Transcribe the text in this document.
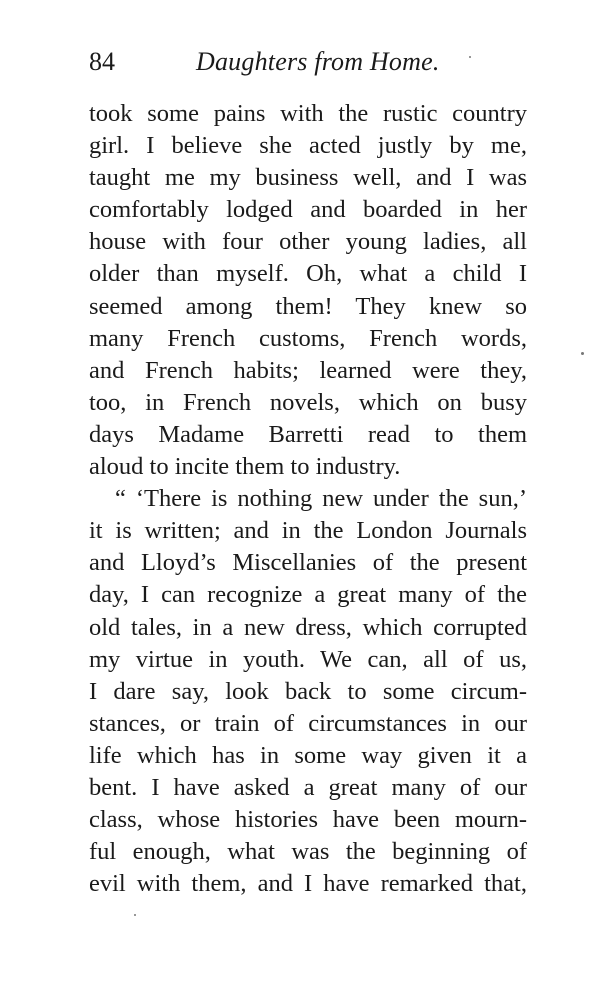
84	Daughters from Home.
took some pains with the rustic country
girl. I believe she acted justly by me,
taught me my business well, and I was
comfortably lodged and boarded in her
house with four other young ladies, all
older than myself. Oh, what a child I
seemed among them! They knew so
many French customs, French words,
and French habits; learned were they,
too, in French novels, which on busy
days Madame Barretti read to them
aloud to incite them to industry.
“ ‘There is nothing new under the sun,’
it is written; and in the London Journals
and Lloyd’s Miscellanies of the present
day, I can recognize a great many of the
old tales, in a new dress, which corrupted
my virtue in youth. We can, all of us,
I dare say, look back to some circum-
stances, or train of circumstances in our
life which has in some way given it a
bent. I have asked a great many of our
class, whose histories have been mourn-
ful enough, what was the beginning of
evil with them, and I have remarked that,
